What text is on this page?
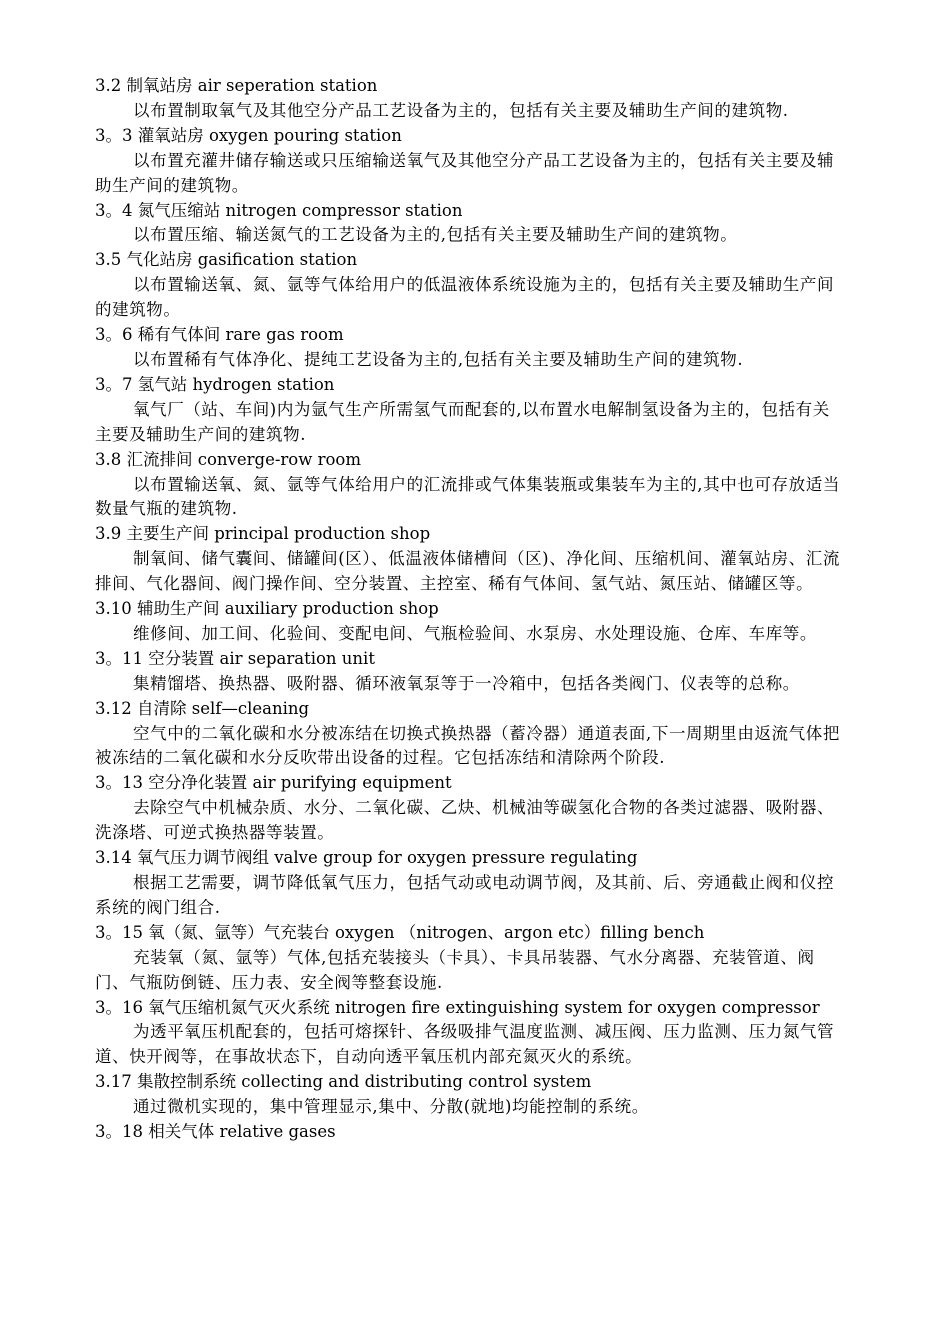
3.2 制氧站房 air seperation station
以布置制取氧气及其他空分产品工艺设备为主的，包括有关主要及辅助生产间的建筑物.
3。3 灌氧站房 oxygen pouring station
以布置充灌井储存输送或只压缩输送氧气及其他空分产品工艺设备为主的，包括有关主要及辅助生产间的建筑物。
3。4 氮气压缩站 nitrogen compressor station
以布置压缩、输送氮气的工艺设备为主的,包括有关主要及辅助生产间的建筑物。
3.5 气化站房 gasification station
以布置输送氧、氮、氩等气体给用户的低温液体系统设施为主的，包括有关主要及辅助生产间的建筑物。
3。6 稀有气体间 rare gas room
以布置稀有气体净化、提纯工艺设备为主的,包括有关主要及辅助生产间的建筑物.
3。7 氢气站 hydrogen station
氧气厂（站、车间)内为氩气生产所需氢气而配套的,以布置水电解制氢设备为主的，包括有关主要及辅助生产间的建筑物.
3.8 汇流排间 converge-row room
以布置输送氧、氮、氩等气体给用户的汇流排或气体集装瓶或集装车为主的,其中也可存放适当数量气瓶的建筑物.
3.9 主要生产间 principal production shop
制氧间、储气囊间、储罐间(区）、低温液体储槽间（区)、净化间、压缩机间、灌氧站房、汇流排间、气化器间、阀门操作间、空分装置、主控室、稀有气体间、氢气站、氮压站、储罐区等。
3.10 辅助生产间 auxiliary production shop
维修间、加工间、化验间、变配电间、气瓶检验间、水泵房、水处理设施、仓库、车库等。
3。11 空分装置 air separation unit
集精馏塔、换热器、吸附器、循环液氧泵等于一冷箱中，包括各类阀门、仪表等的总称。
3.12 自清除 self—cleaning
空气中的二氧化碳和水分被冻结在切换式换热器（蓄冷器）通道表面,下一周期里由返流气体把被冻结的二氧化碳和水分反吹带出设备的过程。它包括冻结和清除两个阶段.
3。13 空分净化装置 air purifying equipment
去除空气中机械杂质、水分、二氧化碳、乙炔、机械油等碳氢化合物的各类过滤器、吸附器、洗涤塔、可逆式换热器等装置。
3.14 氧气压力调节阀组 valve group for oxygen pressure regulating
根据工艺需要，调节降低氧气压力，包括气动或电动调节阀，及其前、后、旁通截止阀和仪控系统的阀门组合.
3。15 氧（氮、氩等）气充装台 oxygen （nitrogen、argon etc）filling bench
充装氧（氮、氩等）气体,包括充装接头（卡具）、卡具吊装器、气水分离器、充装管道、阀门、气瓶防倒链、压力表、安全阀等整套设施.
3。16 氧气压缩机氮气灭火系统 nitrogen fire extinguishing system for oxygen compressor
为透平氧压机配套的，包括可熔探针、各级吸排气温度监测、减压阀、压力监测、压力氮气管道、快开阀等，在事故状态下，自动向透平氧压机内部充氮灭火的系统。
3.17 集散控制系统 collecting and distributing control system
通过微机实现的，集中管理显示,集中、分散(就地)均能控制的系统。
3。18 相关气体 relative gases
